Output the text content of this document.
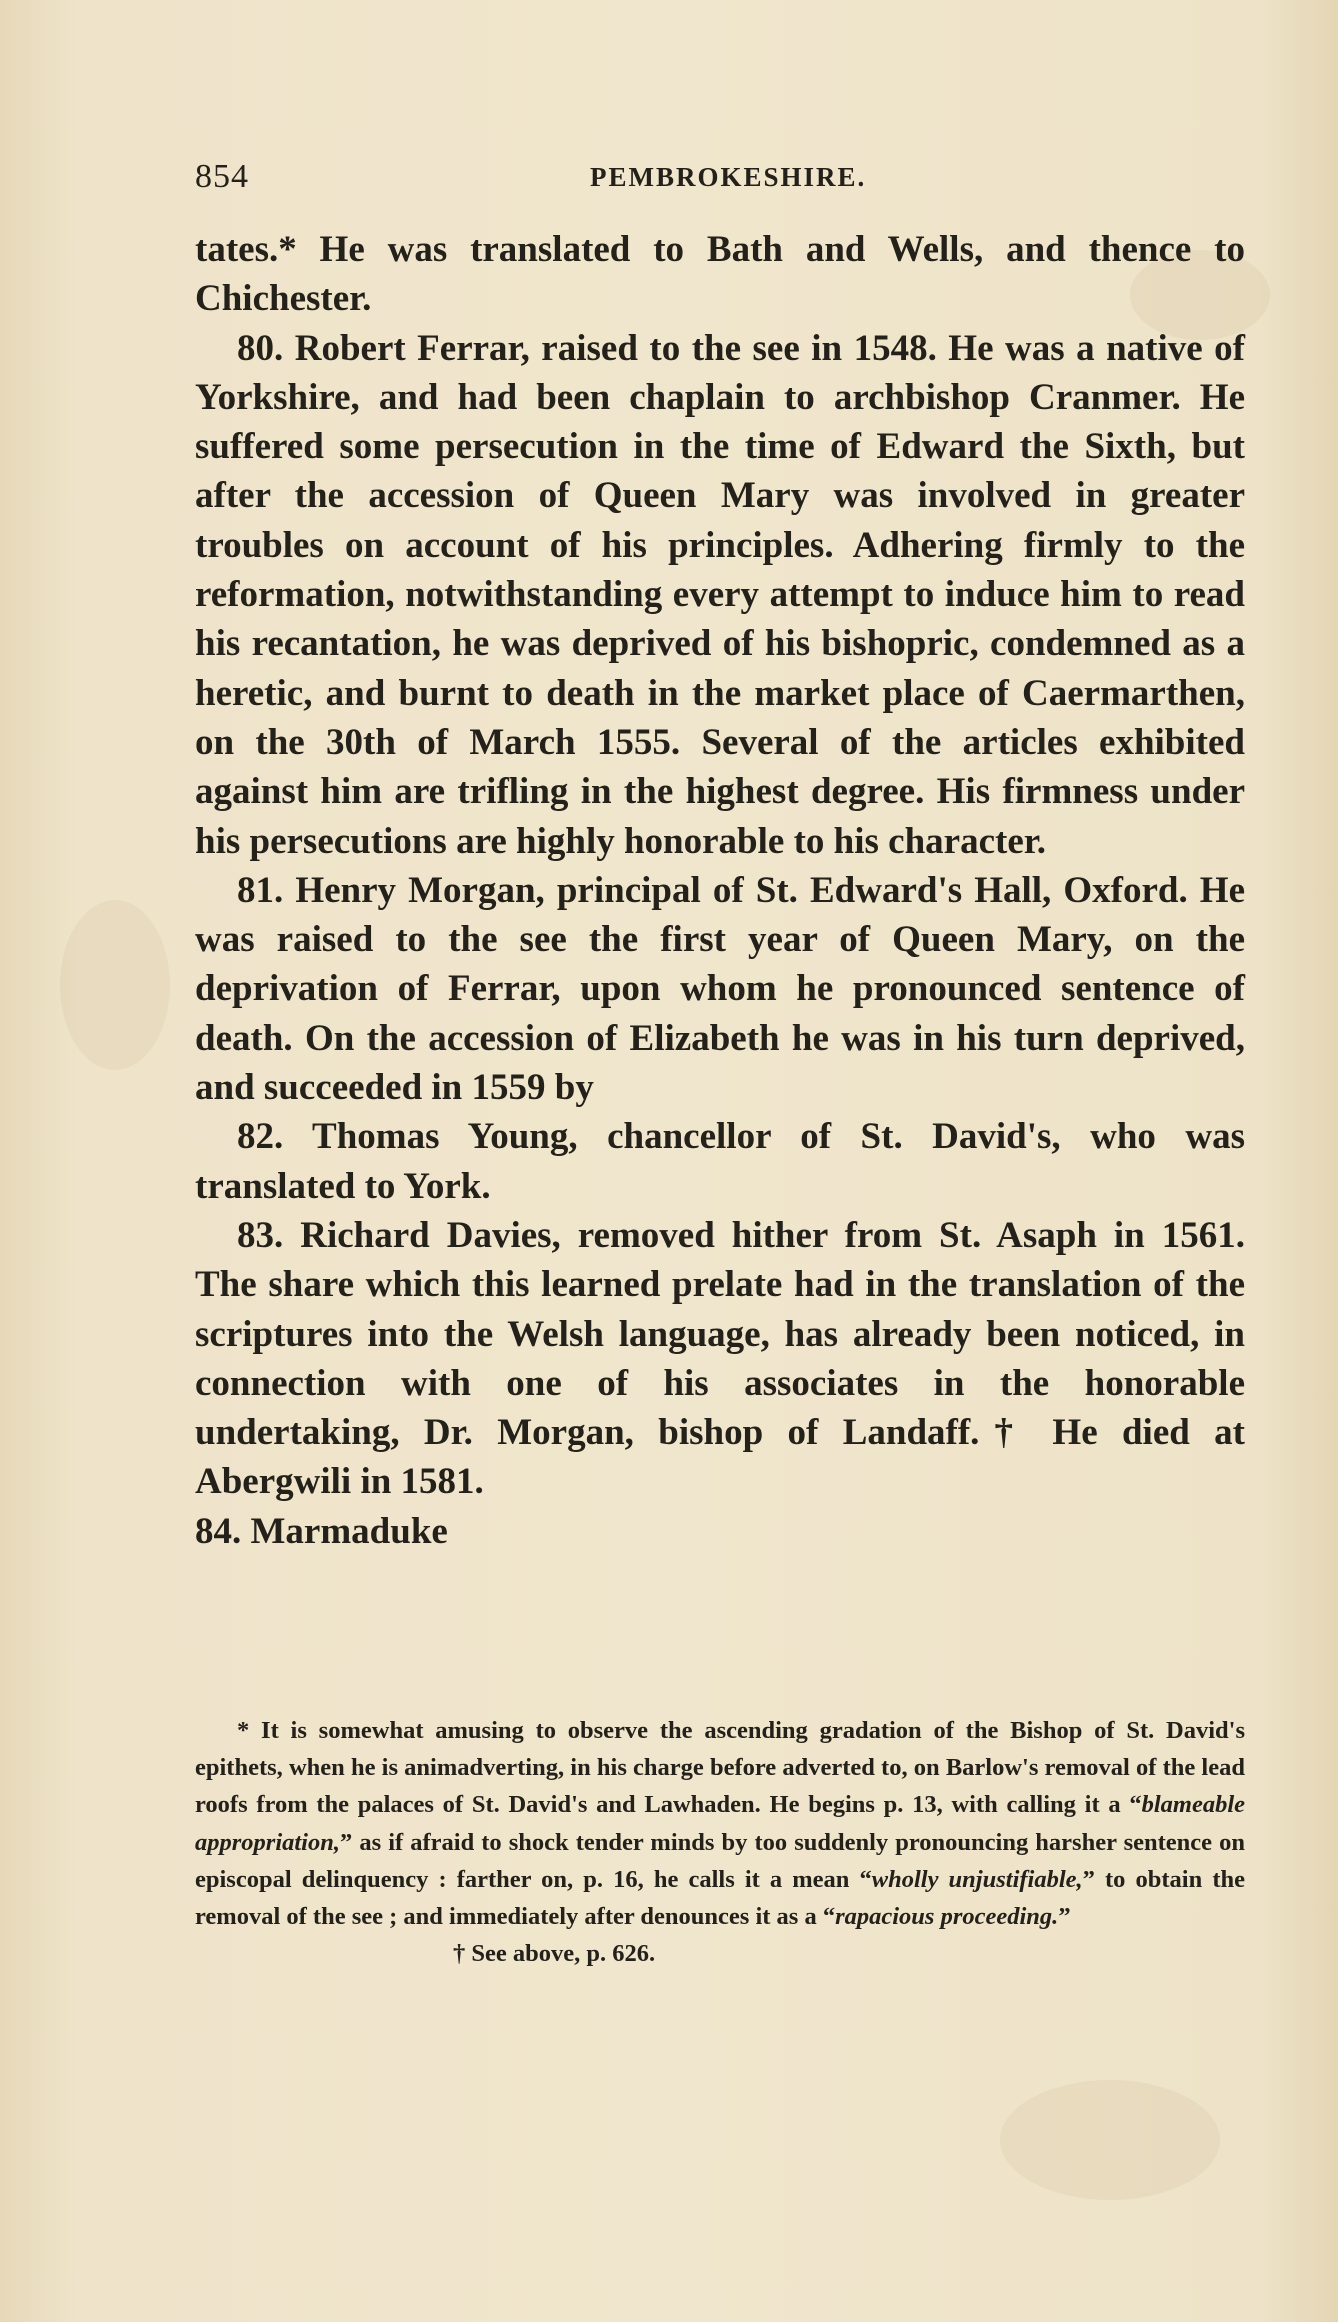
854	PEMBROKESHIRE.

tates.* He was translated to Bath and Wells, and thence to Chichester.

80. Robert Ferrar, raised to the see in 1548. He was a native of Yorkshire, and had been chaplain to archbishop Cranmer. He suffered some persecution in the time of Edward the Sixth, but after the accession of Queen Mary was involved in greater troubles on account of his principles. Adhering firmly to the reformation, notwithstanding every attempt to induce him to read his recantation, he was deprived of his bishopric, condemned as a heretic, and burnt to death in the market place of Caermarthen, on the 30th of March 1555. Several of the articles exhibited against him are trifling in the highest degree. His firmness under his persecutions are highly honorable to his character.

81. Henry Morgan, principal of St. Edward's Hall, Oxford. He was raised to the see the first year of Queen Mary, on the deprivation of Ferrar, upon whom he pronounced sentence of death. On the accession of Elizabeth he was in his turn deprived, and succeeded in 1559 by

82. Thomas Young, chancellor of St. David's, who was translated to York.

83. Richard Davies, removed hither from St. Asaph in 1561. The share which this learned prelate had in the translation of the scriptures into the Welsh language, has already been noticed, in connection with one of his associates in the honorable undertaking, Dr. Morgan, bishop of Landaff.† He died at Abergwili in 1581.

84. Marmaduke

* It is somewhat amusing to observe the ascending gradation of the Bishop of St. David's epithets, when he is animadverting, in his charge before adverted to, on Barlow's removal of the lead roofs from the palaces of St. David's and Lawhaden. He begins p. 13, with calling it a “blameable appropriation,” as if afraid to shock tender minds by too suddenly pronouncing harsher sentence on episcopal delinquency : farther on, p. 16, he calls it a mean “wholly unjustifiable,” to obtain the removal of the see ; and immediately after denounces it as a “rapacious proceeding.”

† See above, p. 626.
